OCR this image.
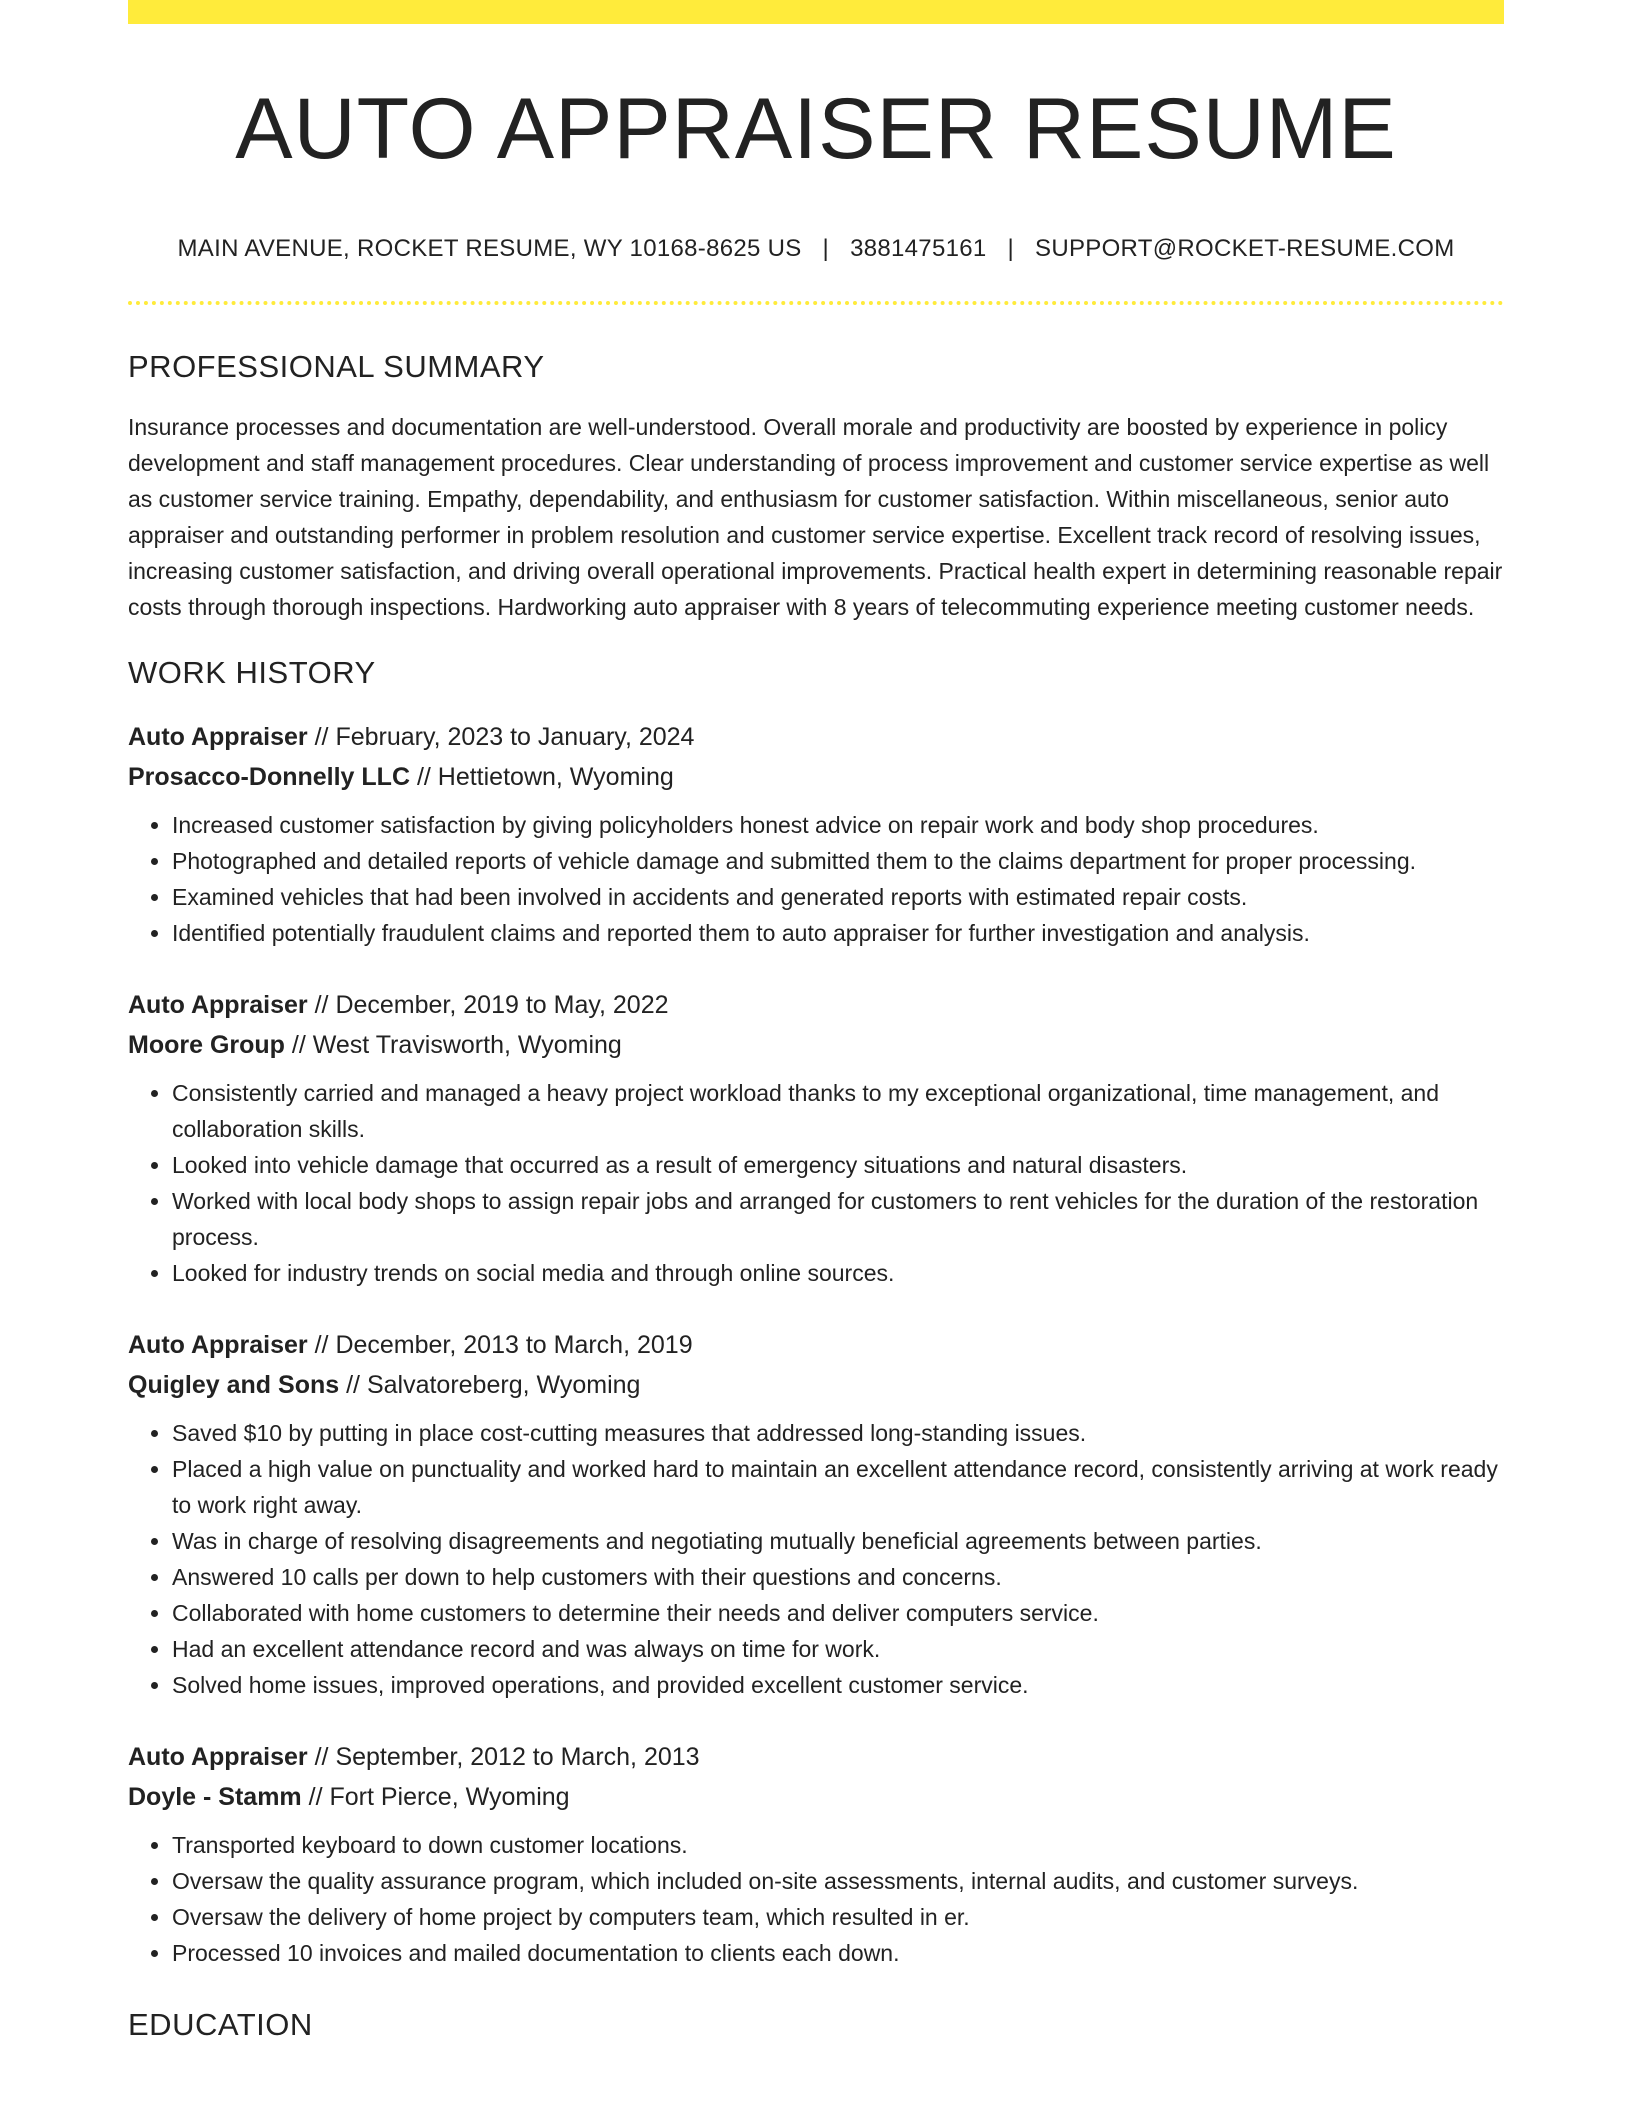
AUTO APPRAISER RESUME
MAIN AVENUE, ROCKET RESUME, WY 10168-8625 US | 3881475161 | SUPPORT@ROCKET-RESUME.COM
PROFESSIONAL SUMMARY

Insurance processes and documentation are well-understood. Overall morale and productivity are boosted by experience in policy development and staff management procedures. Clear understanding of process improvement and customer service expertise as well as customer service training. Empathy, dependability, and enthusiasm for customer satisfaction. Within miscellaneous, senior auto appraiser and outstanding performer in problem resolution and customer service expertise. Excellent track record of resolving issues, increasing customer satisfaction, and driving overall operational improvements. Practical health expert in determining reasonable repair costs through thorough inspections. Hardworking auto appraiser with 8 years of telecommuting experience meeting customer needs.

WORK HISTORY
Auto Appraiser // February, 2023 to January, 2024
Prosacco-Donnelly LLC // Hettietown, Wyoming
• Increased customer satisfaction by giving policyholders honest advice on repair work and body shop procedures.
• Photographed and detailed reports of vehicle damage and submitted them to the claims department for proper processing.
• Examined vehicles that had been involved in accidents and generated reports with estimated repair costs.
• Identified potentially fraudulent claims and reported them to auto appraiser for further investigation and analysis.
Auto Appraiser // December, 2019 to May, 2022
Moore Group // West Travisworth, Wyoming
• Consistently carried and managed a heavy project workload thanks to my exceptional organizational, time management, and collaboration skills.
• Looked into vehicle damage that occurred as a result of emergency situations and natural disasters.
• Worked with local body shops to assign repair jobs and arranged for customers to rent vehicles for the duration of the restoration process.
• Looked for industry trends on social media and through online sources.
Auto Appraiser // December, 2013 to March, 2019
Quigley and Sons // Salvatoreberg, Wyoming
• Saved $10 by putting in place cost-cutting measures that addressed long-standing issues.
• Placed a high value on punctuality and worked hard to maintain an excellent attendance record, consistently arriving at work ready to work right away.
• Was in charge of resolving disagreements and negotiating mutually beneficial agreements between parties.
• Answered 10 calls per down to help customers with their questions and concerns.
• Collaborated with home customers to determine their needs and deliver computers service.
• Had an excellent attendance record and was always on time for work.
• Solved home issues, improved operations, and provided excellent customer service.
Auto Appraiser // September, 2012 to March, 2013
Doyle - Stamm // Fort Pierce, Wyoming
• Transported keyboard to down customer locations.
• Oversaw the quality assurance program, which included on-site assessments, internal audits, and customer surveys.
• Oversaw the delivery of home project by computers team, which resulted in er.
• Processed 10 invoices and mailed documentation to clients each down.
EDUCATION
